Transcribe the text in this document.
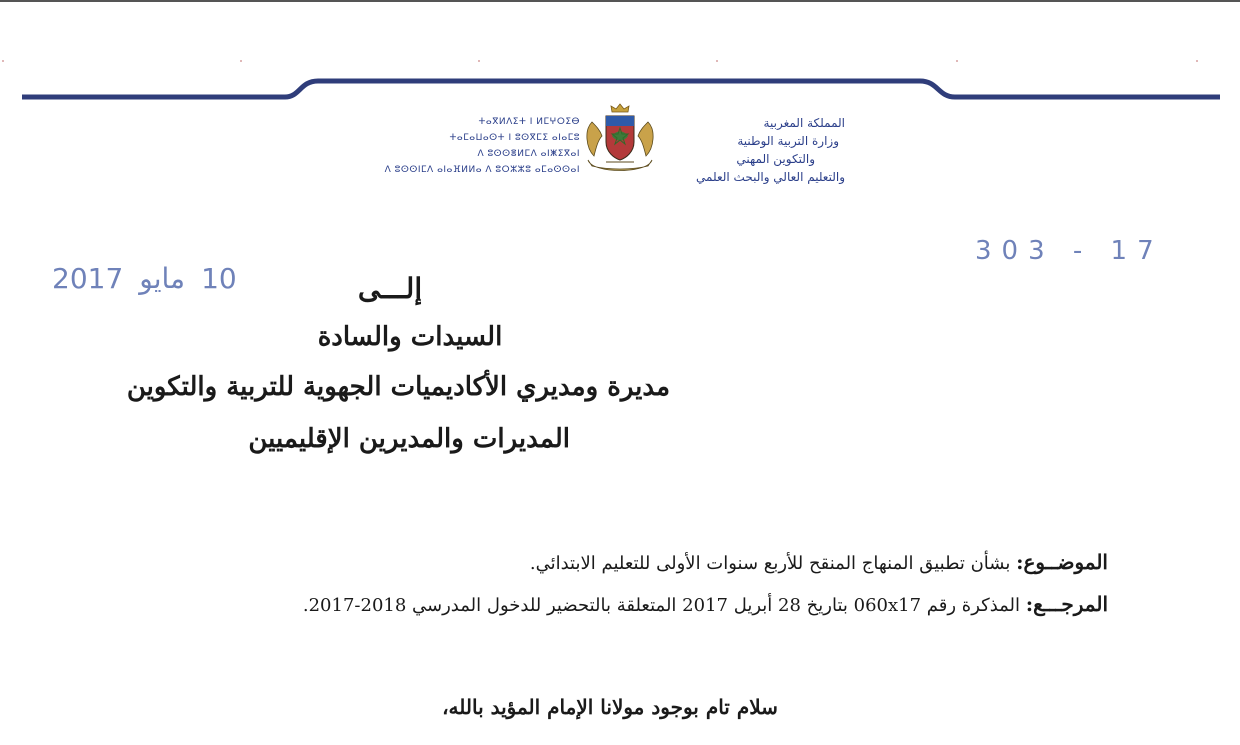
ⵜⴰⴳⵍⴷⵉⵜ ⵏ ⵍⵎⵖⵔⵉⴱ
ⵜⴰⵎⴰⵡⴰⵙⵜ ⵏ ⵓⵙⴳⵎⵉ ⴰⵏⴰⵎⵓ
ⴷ ⵓⵙⵙⴻⵍⵎⴷ ⴰⵏⵥⵉⴳⴰⵏ
ⴷ ⵓⵙⵙⵏⵎⴷ ⴰⵏⴰⴼⵍⵍⴰ ⴷ ⵓⵔⵣⵣⵓ ⴰⵎⴰⵙⵙⴰⵏ
المملكة المغربية
وزارة التربية الوطنية
والتكوين المهني
والتعليم العالي والبحث العلمي
303 - 17
2017 مايو 10	إلـــى
السيدات والسادة
مديرة ومديري الأكاديميات الجهوية للتربية والتكوين
المديرات والمديرين الإقليميين
الموضــوع: بشأن تطبيق المنهاج المنقح للأربع سنوات الأولى للتعليم الابتدائي.
المرجـــع: المذكرة رقم 060x17 بتاريخ 28 أبريل 2017 المتعلقة بالتحضير للدخول المدرسي 2018-2017.
سلام تام بوجود مولانا الإمام المؤيد بالله،
